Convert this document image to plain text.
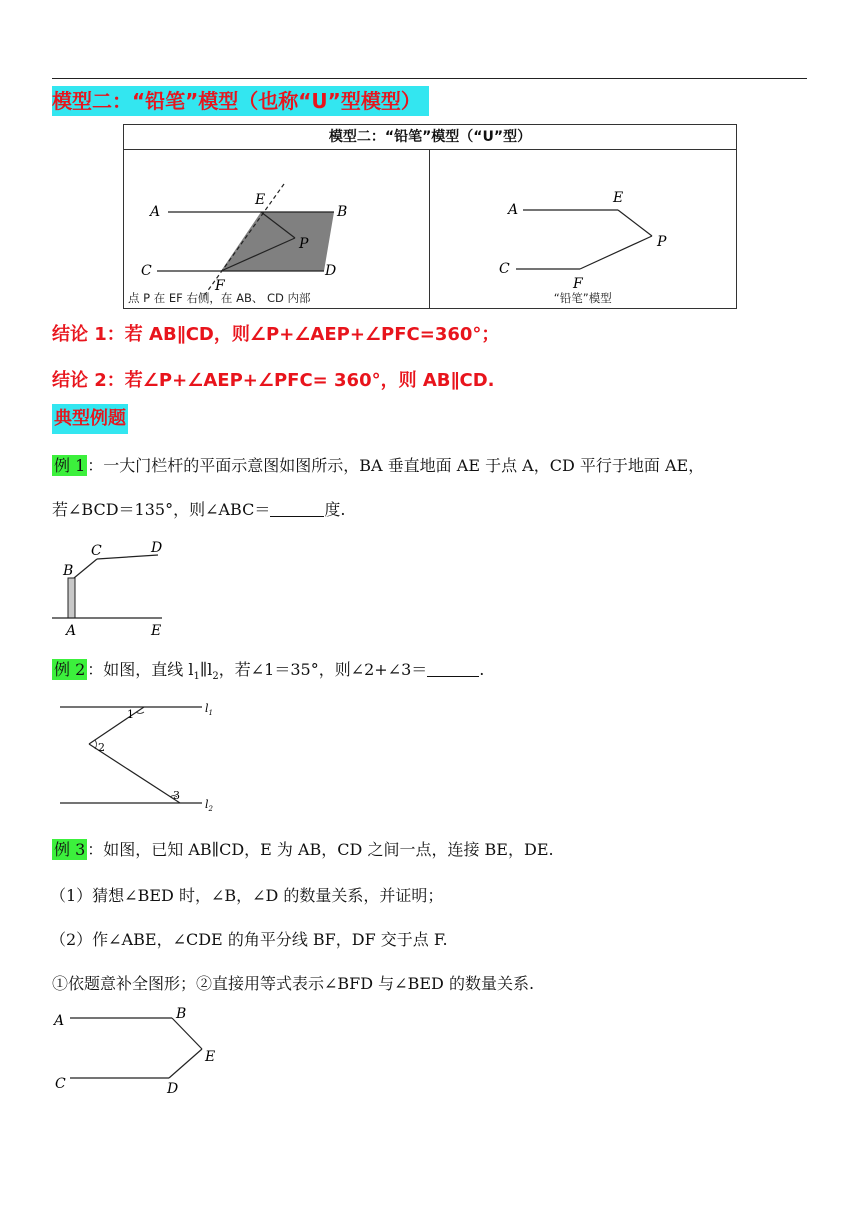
模型二：“铅笔”模型（也称“U”型模型）
模型二：“铅笔”模型（“U”型）

A	B
C	D
E
F
P
点 P 在 EF 右侧，在 AB、 CD 内部

A
E
P
C
F
“铅笔”模型
结论 1：若 AB∥CD，则∠P+∠AEP+∠PFC=360°；
结论 2：若∠P+∠AEP+∠PFC= 360°，则 AB∥CD.
典型例题
例 1 ：一大门栏杆的平面示意图如图所示，BA 垂直地面 AE 于点 A，CD 平行于地面 AE，
若∠BCD＝135°，则∠ABC＝	度.
B
C	D
A	E
例 2 ：如图，直线 $l_1\parallel l_2$，若∠1＝35°，则∠2+∠3＝	.
1
2
3
$l_1$
$l_2$
例 3 ：如图，已知 AB∥CD，E 为 AB，CD 之间一点，连接 BE，DE.
（1）猜想∠BED 时，∠B，∠D 的数量关系，并证明；
（2）作∠ABE，∠CDE 的角平分线 BF，DF 交于点 F.
①依题意补全图形；②直接用等式表示∠BFD 与∠BED 的数量关系.
A	B
E
C	D
